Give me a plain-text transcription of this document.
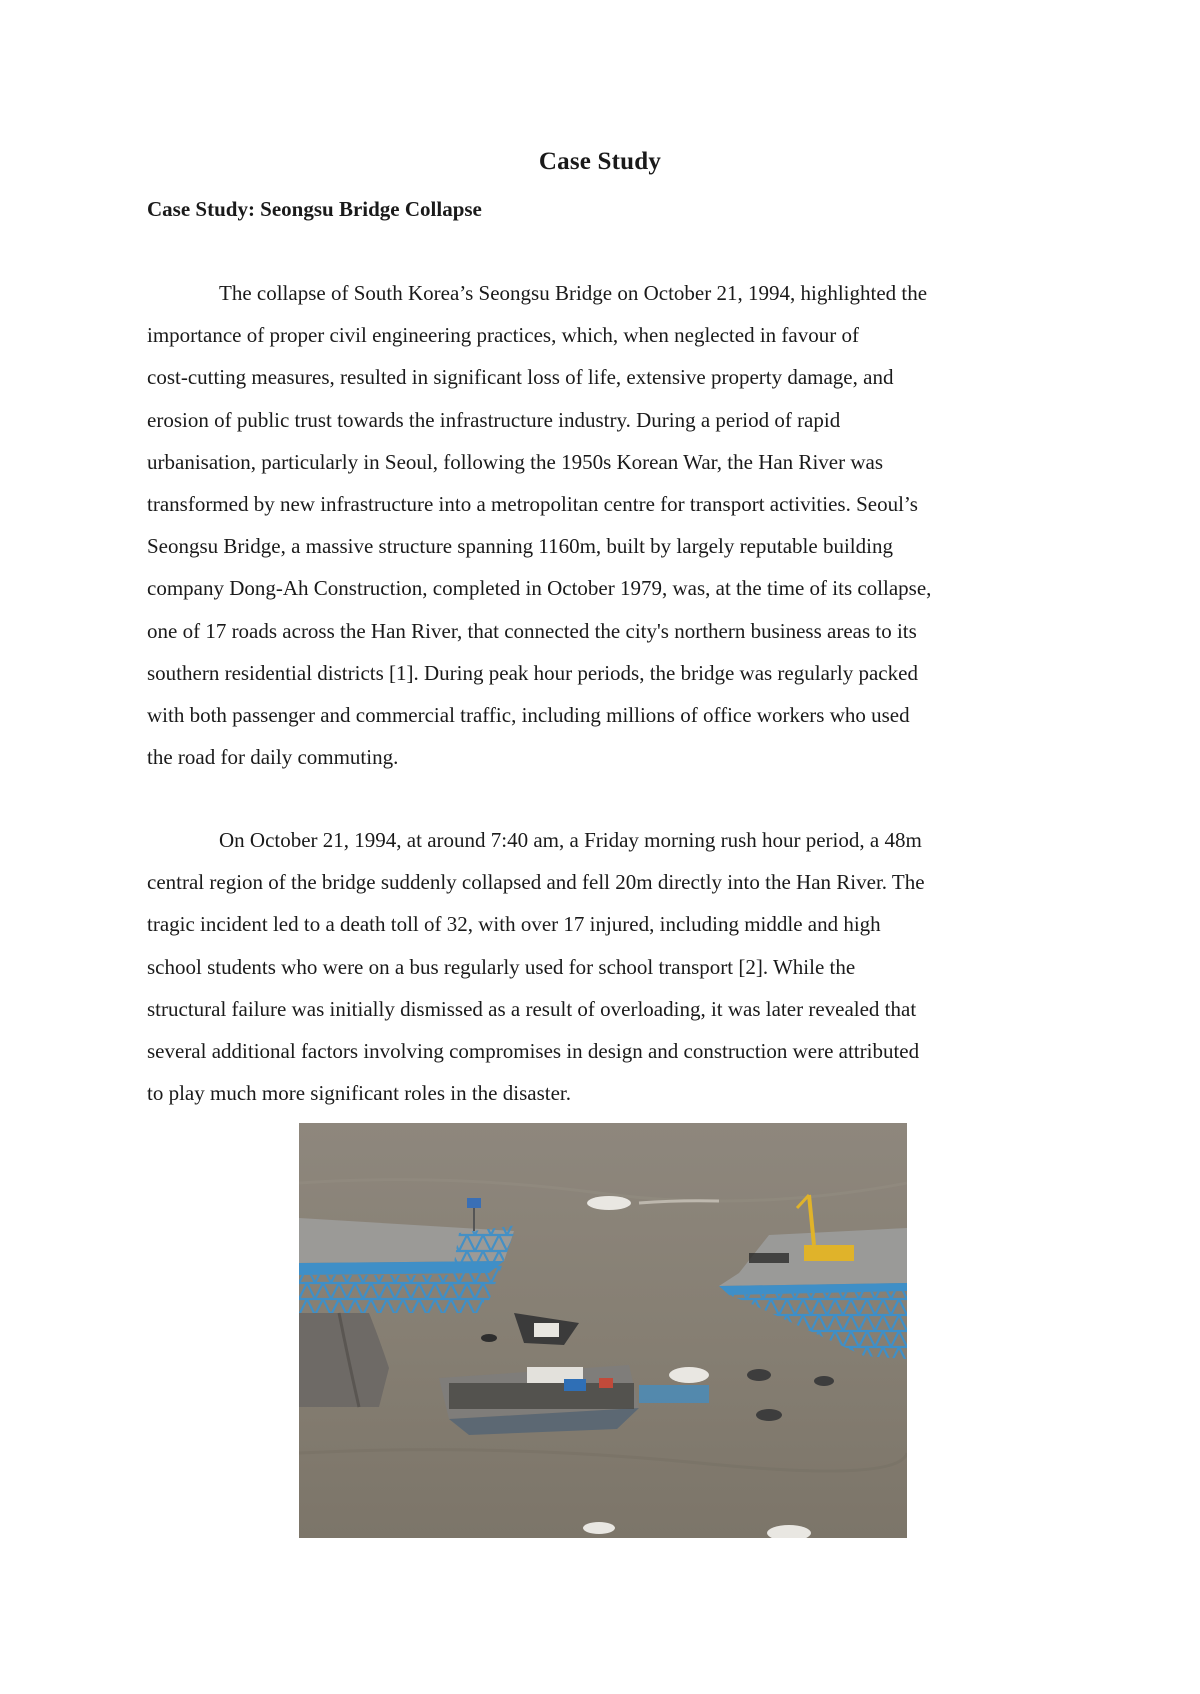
Case Study
Case Study: Seongsu Bridge Collapse
The collapse of South Korea’s Seongsu Bridge on October 21, 1994, highlighted the
importance of proper civil engineering practices, which, when neglected in favour of
cost-cutting measures, resulted in significant loss of life, extensive property damage, and
erosion of public trust towards the infrastructure industry. During a period of rapid
urbanisation, particularly in Seoul, following the 1950s Korean War, the Han River was
transformed by new infrastructure into a metropolitan centre for transport activities. Seoul’s
Seongsu Bridge, a massive structure spanning 1160m, built by largely reputable building
company Dong-Ah Construction, completed in October 1979, was, at the time of its collapse,
one of 17 roads across the Han River, that connected the city's northern business areas to its
southern residential districts [1]. During peak hour periods, the bridge was regularly packed
with both passenger and commercial traffic, including millions of office workers who used
the road for daily commuting.
On October 21, 1994, at around 7:40 am, a Friday morning rush hour period, a 48m
central region of the bridge suddenly collapsed and fell 20m directly into the Han River. The
tragic incident led to a death toll of 32, with over 17 injured, including middle and high
school students who were on a bus regularly used for school transport [2]. While the
structural failure was initially dismissed as a result of overloading, it was later revealed that
several additional factors involving compromises in design and construction were attributed
to play much more significant roles in the disaster.
